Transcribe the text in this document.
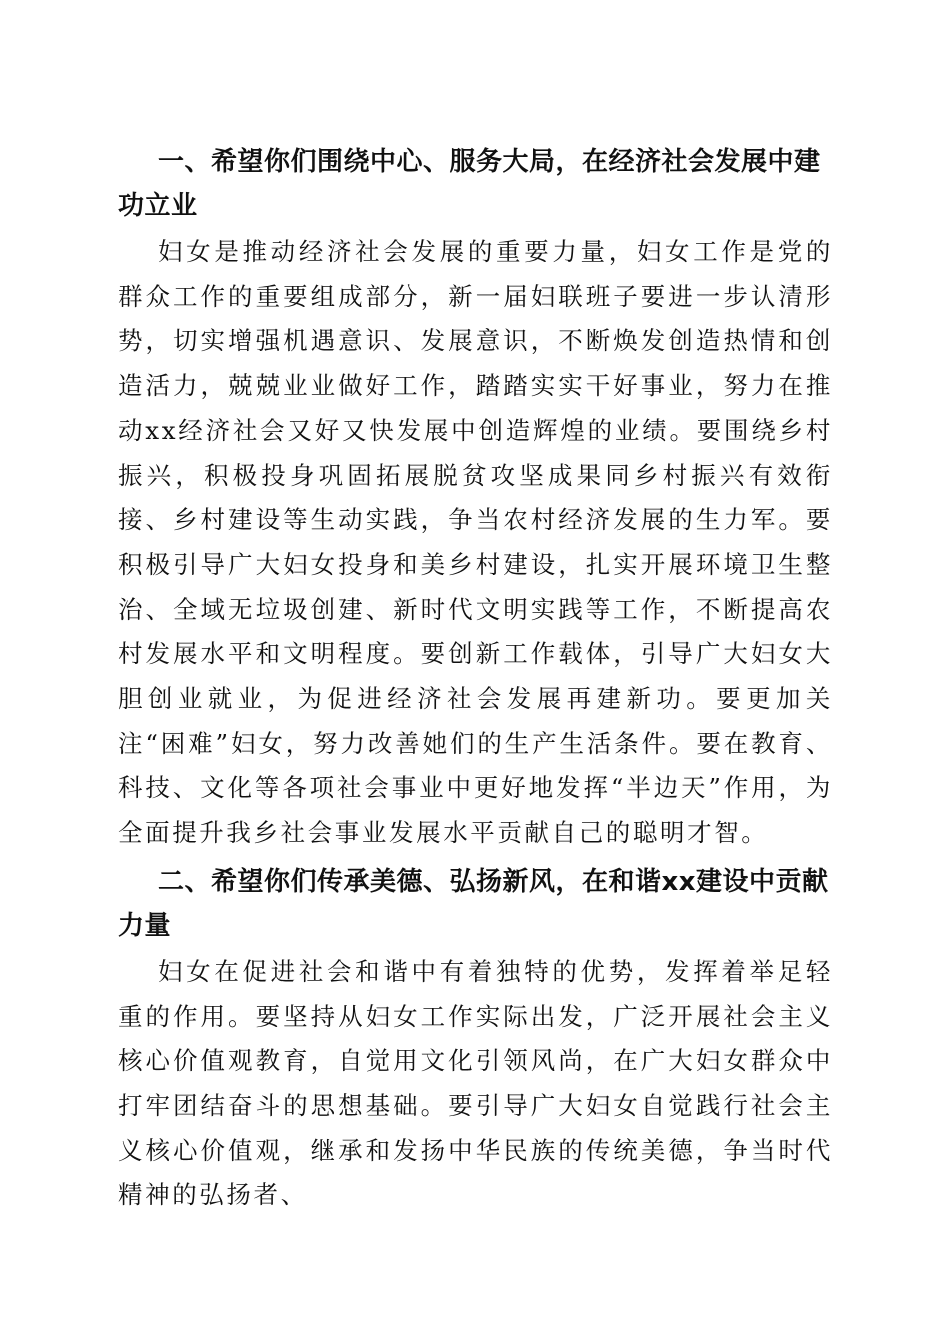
一、希望你们围绕中心、服务大局，在经济社会发展中建功立业

妇女是推动经济社会发展的重要力量，妇女工作是党的群众工作的重要组成部分，新一届妇联班子要进一步认清形势，切实增强机遇意识、发展意识，不断焕发创造热情和创造活力，兢兢业业做好工作，踏踏实实干好事业，努力在推动xx经济社会又好又快发展中创造辉煌的业绩。要围绕乡村振兴，积极投身巩固拓展脱贫攻坚成果同乡村振兴有效衔接、乡村建设等生动实践，争当农村经济发展的生力军。要积极引导广大妇女投身和美乡村建设，扎实开展环境卫生整治、全域无垃圾创建、新时代文明实践等工作，不断提高农村发展水平和文明程度。要创新工作载体，引导广大妇女大胆创业就业，为促进经济社会发展再建新功。要更加关注“困难”妇女，努力改善她们的生产生活条件。要在教育、科技、文化等各项社会事业中更好地发挥“半边天”作用，为全面提升我乡社会事业发展水平贡献自己的聪明才智。

二、希望你们传承美德、弘扬新风，在和谐xx建设中贡献力量

妇女在促进社会和谐中有着独特的优势，发挥着举足轻重的作用。要坚持从妇女工作实际出发，广泛开展社会主义核心价值观教育，自觉用文化引领风尚，在广大妇女群众中打牢团结奋斗的思想基础。要引导广大妇女自觉践行社会主义核心价值观，继承和发扬中华民族的传统美德，争当时代精神的弘扬者、
